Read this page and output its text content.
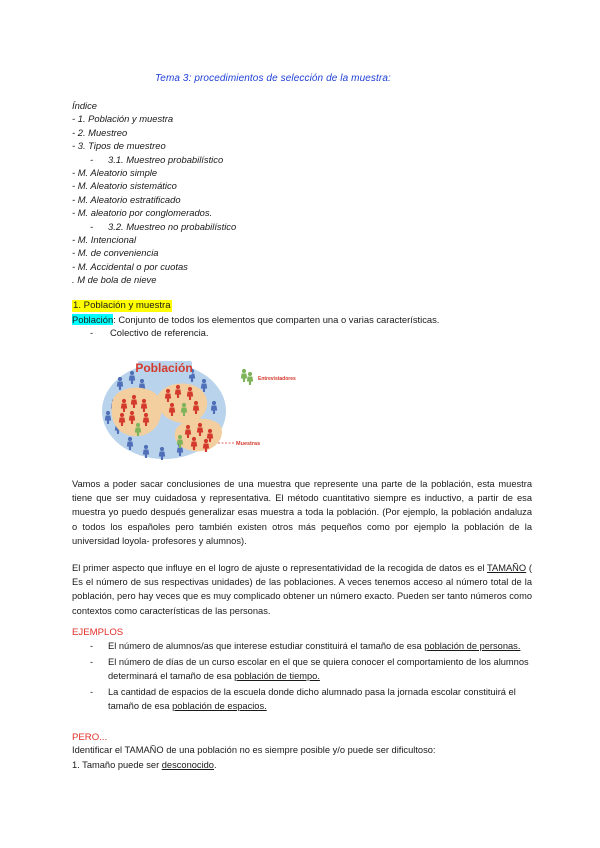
Tema 3: procedimientos de selección de la muestra:
Índice
- 1. Población y muestra
- 2. Muestreo
- 3. Tipos de muestreo
- 3.1. Muestreo probabilístico
- M. Aleatorio simple
- M. Aleatorio sistemático
- M. Aleatorio estratificado
- M. aleatorio por conglomerados.
- 3.2. Muestreo no probabilístico
- M. Intencional
- M. de conveniencia
- M. Accidental o por cuotas
. M de bola de nieve
1. Población y muestra
Población: Conjunto de todos los elementos que comparten una o varias características.
- Colectivo de referencia.
Población
Entrevistadores
Muestras
Vamos a poder sacar conclusiones de una muestra que represente una parte de la población, esta muestra tiene que ser muy cuidadosa y representativa. El método cuantitativo siempre es inductivo, a partir de esa muestra yo puedo después generalizar esas muestra a toda la población. (Por ejemplo, la población andaluza o todos los españoles pero también existen otros más pequeños como por ejemplo la población de la universidad loyola- profesores y alumnos).
El primer aspecto que influye en el logro de ajuste o representatividad de la recogida de datos es el TAMAÑO ( Es el número de sus respectivas unidades) de las poblaciones. A veces tenemos acceso al número total de la población, pero hay veces que es muy complicado obtener un número exacto. Pueden ser tanto números como contextos como características de las personas.
EJEMPLOS
-	El número de alumnos/as que interese estudiar constituirá el tamaño de esa población de personas.
-	El número de días de un curso escolar en el que se quiera conocer el comportamiento de los alumnos determinará el tamaño de esa población de tiempo.
-	La cantidad de espacios de la escuela donde dicho alumnado pasa la jornada escolar constituirá el tamaño de esa población de espacios.
PERO...
Identificar el TAMAÑO de una población no es siempre posible y/o puede ser dificultoso:
1. Tamaño puede ser desconocido.
